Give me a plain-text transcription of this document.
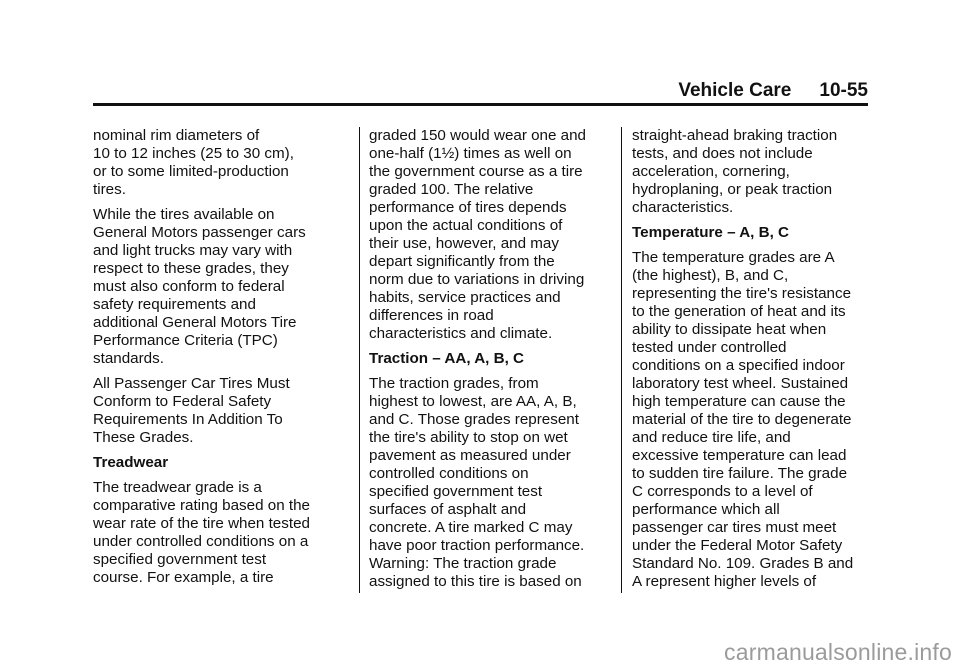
Vehicle Care 10-55

nominal rim diameters of
10 to 12 inches (25 to 30 cm),
or to some limited-production
tires.

While the tires available on
General Motors passenger cars
and light trucks may vary with
respect to these grades, they
must also conform to federal
safety requirements and
additional General Motors Tire
Performance Criteria (TPC)
standards.

All Passenger Car Tires Must
Conform to Federal Safety
Requirements In Addition To
These Grades.

Treadwear

The treadwear grade is a
comparative rating based on the
wear rate of the tire when tested
under controlled conditions on a
specified government test
course. For example, a tire

graded 150 would wear one and
one-half (1½) times as well on
the government course as a tire
graded 100. The relative
performance of tires depends
upon the actual conditions of
their use, however, and may
depart significantly from the
norm due to variations in driving
habits, service practices and
differences in road
characteristics and climate.

Traction – AA, A, B, C

The traction grades, from
highest to lowest, are AA, A, B,
and C. Those grades represent
the tire's ability to stop on wet
pavement as measured under
controlled conditions on
specified government test
surfaces of asphalt and
concrete. A tire marked C may
have poor traction performance.
Warning: The traction grade
assigned to this tire is based on

straight-ahead braking traction
tests, and does not include
acceleration, cornering,
hydroplaning, or peak traction
characteristics.

Temperature – A, B, C

The temperature grades are A
(the highest), B, and C,
representing the tire's resistance
to the generation of heat and its
ability to dissipate heat when
tested under controlled
conditions on a specified indoor
laboratory test wheel. Sustained
high temperature can cause the
material of the tire to degenerate
and reduce tire life, and
excessive temperature can lead
to sudden tire failure. The grade
C corresponds to a level of
performance which all
passenger car tires must meet
under the Federal Motor Safety
Standard No. 109. Grades B and
A represent higher levels of

carmanualsonline.info
